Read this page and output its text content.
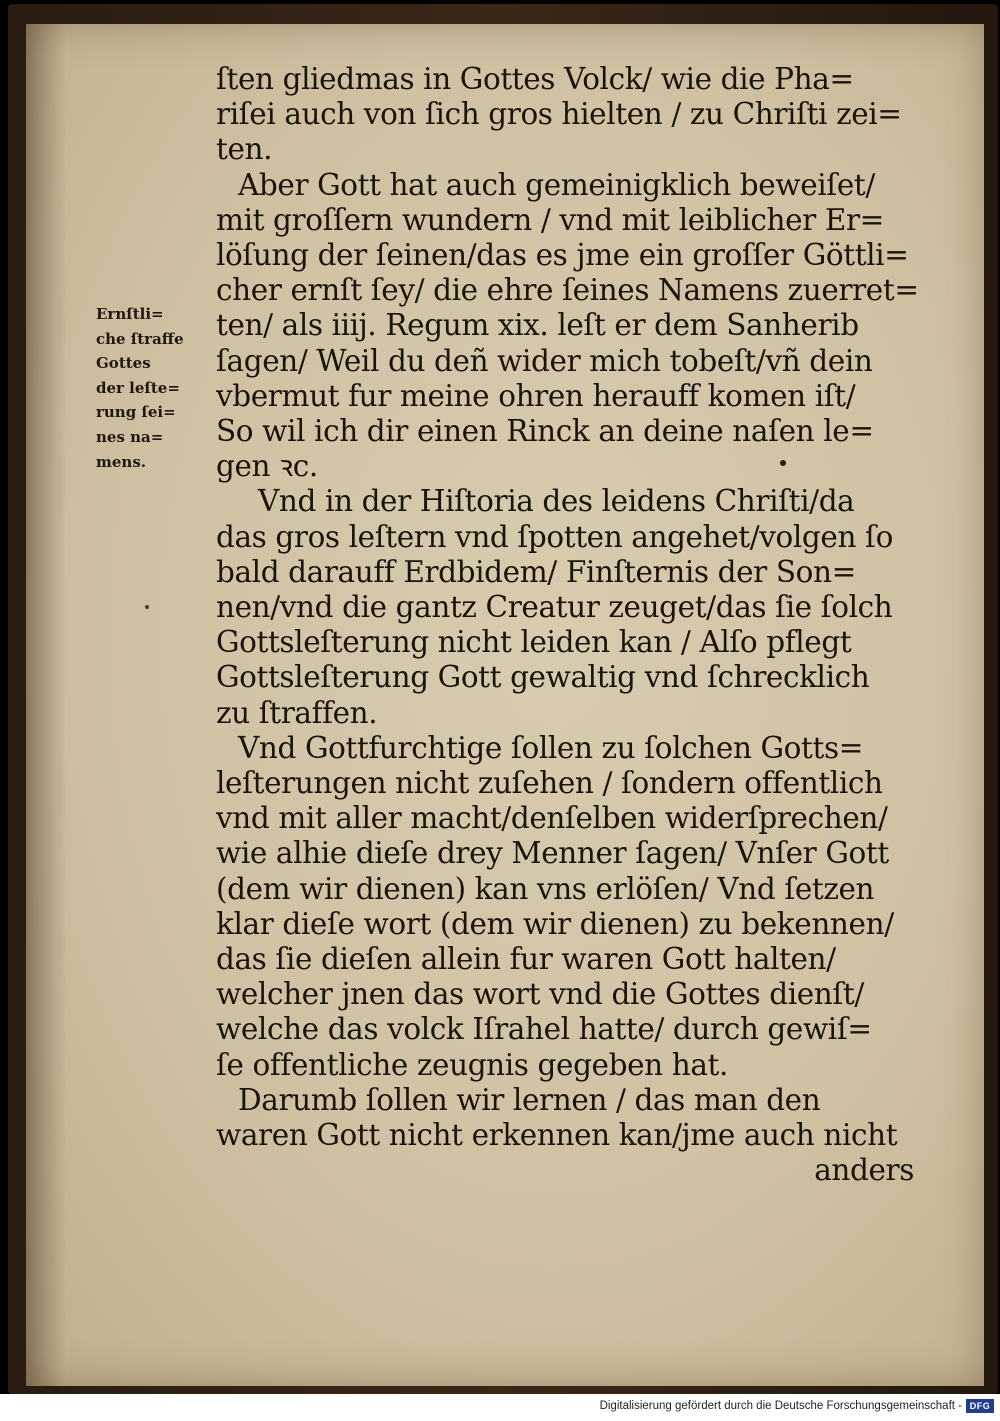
Ernſtli=
che ſtraffe
Gottes
der leſte=
rung ſei=
nes na=
mens.
ſten gliedmas in Gottes Volck/ wie die Pha=
riſei auch von ſich gros hielten / zu Chriſti zei=
ten.
Aber Gott hat auch gemeinigklich beweiſet/
mit groſſern wundern / vnd mit leiblicher Er=
löſung der ſeinen/das es jme ein groſſer Göttli=
cher ernſt ſey/ die ehre ſeines Namens zuerret=
ten/ als iiij. Regum xix. leſt er dem Sanherib
ſagen/ Weil du deñ wider mich tobeſt/vñ dein
vbermut fur meine ohren herauff komen iſt/
So wil ich dir einen Rinck an deine naſen le=
gen ꝛc.
Vnd in der Hiſtoria des leidens Chriſti/da
das gros leſtern vnd ſpotten angehet/volgen ſo
bald darauff Erdbidem/ Finſternis der Son=
nen/vnd die gantz Creatur zeuget/das ſie ſolch
Gottsleſterung nicht leiden kan / Alſo pflegt
Gottsleſterung Gott gewaltig vnd ſchrecklich
zu ſtraffen.
Vnd Gottfurchtige ſollen zu ſolchen Gotts=
leſterungen nicht zuſehen / ſondern offentlich
vnd mit aller macht/denſelben widerſprechen/
wie alhie dieſe drey Menner ſagen/ Vnſer Gott
(dem wir dienen) kan vns erlöſen/ Vnd ſetzen
klar dieſe wort (dem wir dienen) zu bekennen/
das ſie dieſen allein fur waren Gott halten/
welcher jnen das wort vnd die Gottes dienſt/
welche das volck Iſrahel hatte/ durch gewiſ=
ſe offentliche zeugnis gegeben hat.
Darumb ſollen wir lernen / das man den
waren Gott nicht erkennen kan/jme auch nicht
anders
Digitalisierung gefördert durch die Deutsche Forschungsgemeinschaft - DFG
